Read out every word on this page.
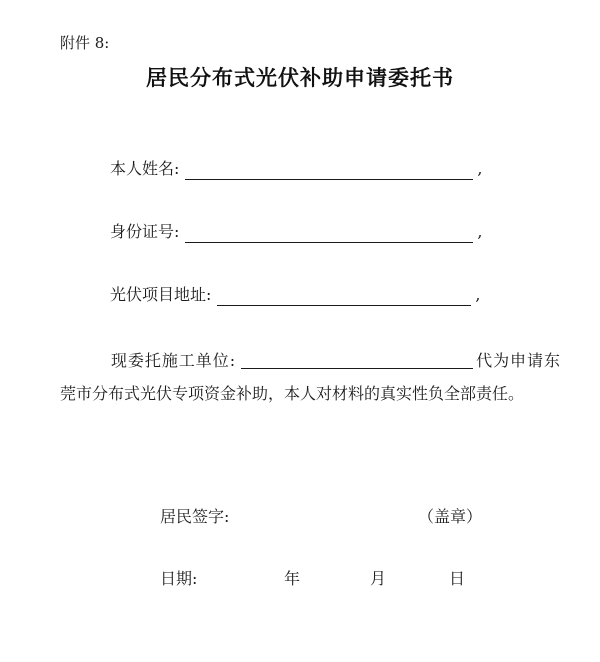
附件 8:
居民分布式光伏补助申请委托书
本人姓名:	,
身份证号:	,
光伏项目地址:	,
现委托施工单位:	代为申请东莞市分布式光伏专项资金补助，本人对材料的真实性负全部责任。
居民签字:	（盖章）
日期:	年	月	日
